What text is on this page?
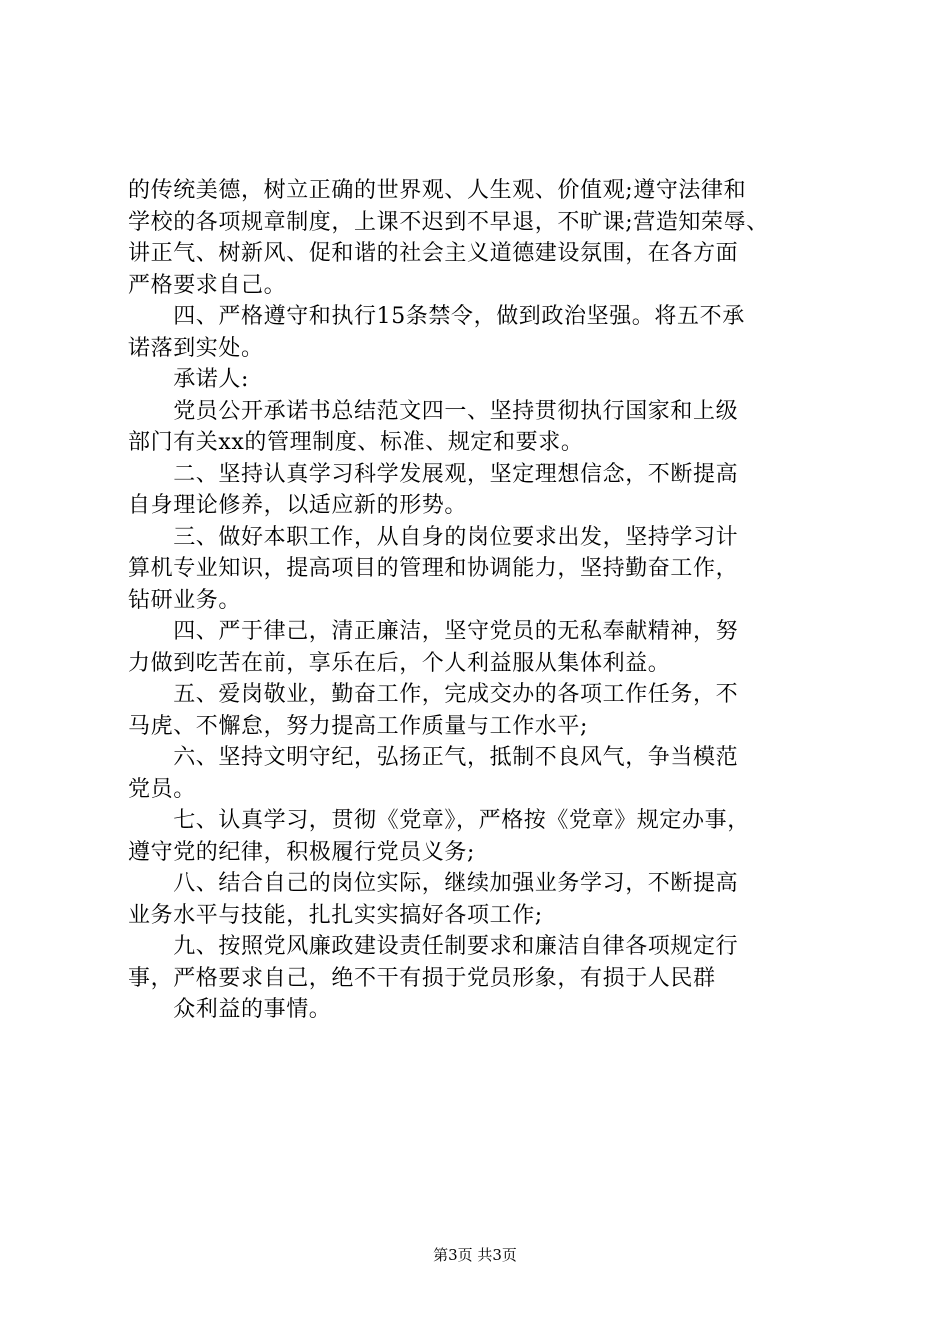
的传统美德，树立正确的世界观、人生观、价值观;遵守法律和
学校的各项规章制度，上课不迟到不早退，不旷课;营造知荣辱、
讲正气、树新风、促和谐的社会主义道德建设氛围，在各方面
严格要求自己。
　　四、严格遵守和执行15条禁令，做到政治坚强。将五不承
诺落到实处。
　　承诺人:
　　党员公开承诺书总结范文四一、坚持贯彻执行国家和上级
部门有关xx的管理制度、标准、规定和要求。
　　二、坚持认真学习科学发展观，坚定理想信念，不断提高
自身理论修养，以适应新的形势。
　　三、做好本职工作，从自身的岗位要求出发，坚持学习计
算机专业知识，提高项目的管理和协调能力，坚持勤奋工作，
钻研业务。
　　四、严于律己，清正廉洁，坚守党员的无私奉献精神，努
力做到吃苦在前，享乐在后，个人利益服从集体利益。
　　五、爱岗敬业，勤奋工作，完成交办的各项工作任务，不
马虎、不懈怠，努力提高工作质量与工作水平;
　　六、坚持文明守纪，弘扬正气，抵制不良风气，争当模范
党员。
　　七、认真学习，贯彻《党章》，严格按《党章》规定办事，
遵守党的纪律，积极履行党员义务;
　　八、结合自己的岗位实际，继续加强业务学习，不断提高
业务水平与技能，扎扎实实搞好各项工作;
　　九、按照党风廉政建设责任制要求和廉洁自律各项规定行
事，严格要求自己，绝不干有损于党员形象，有损于人民群
　　众利益的事情。
第3页 共3页
